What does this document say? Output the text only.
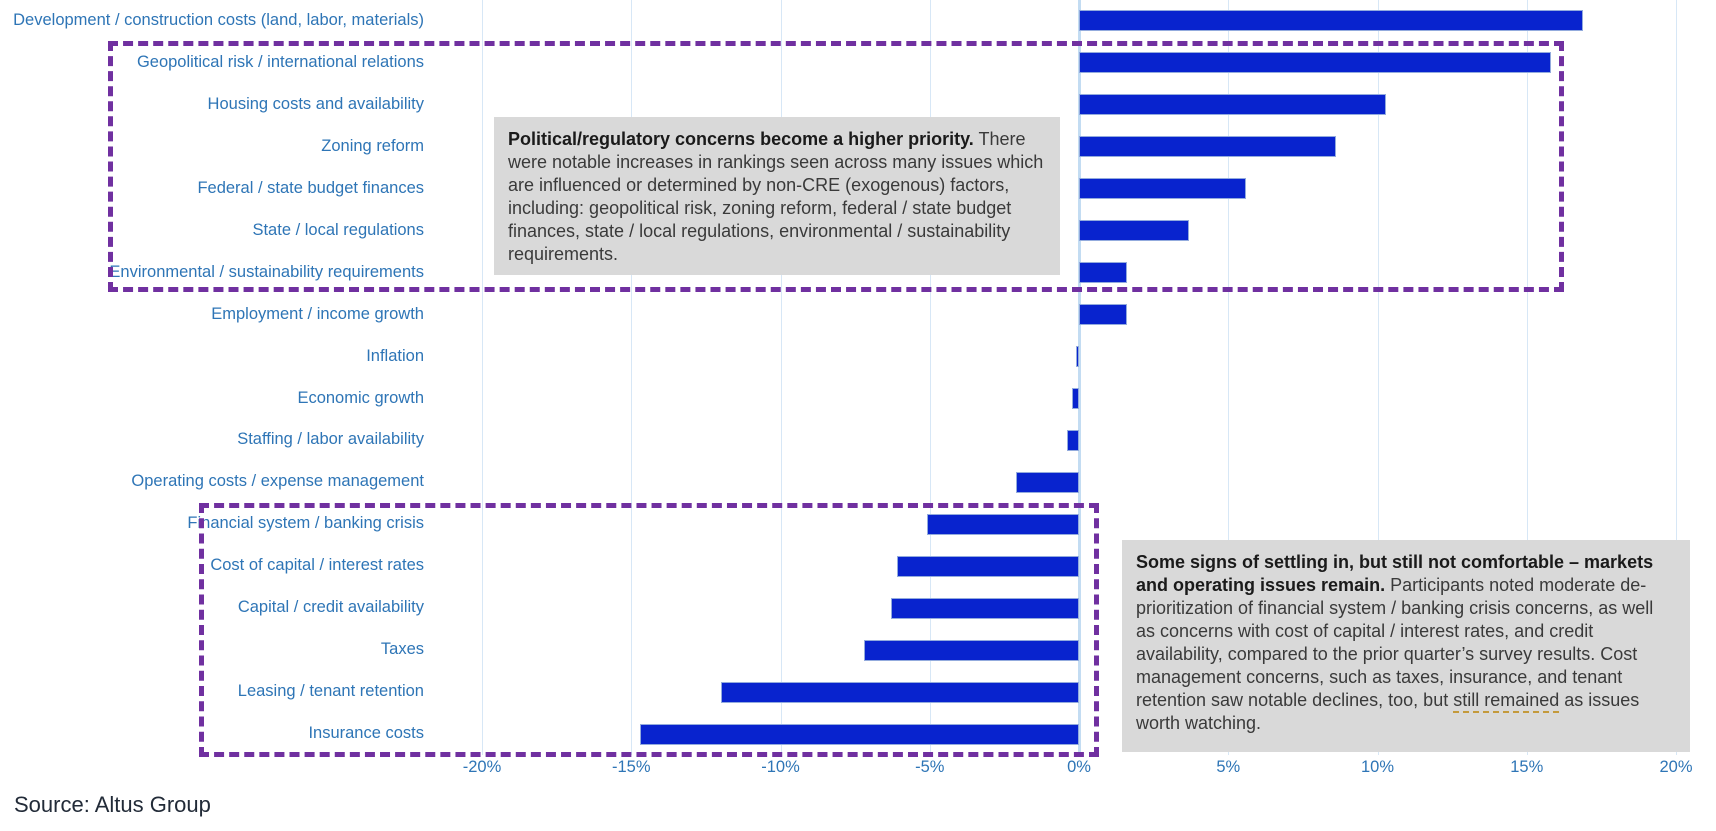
Development / construction costs (land, labor, materials)
Geopolitical risk / international relations
Housing costs and availability
Zoning reform
Federal / state budget finances
State / local regulations
Environmental / sustainability requirements
Employment / income growth
Inflation
Economic growth
Staffing / labor availability
Operating costs / expense management
Financial system / banking crisis
Cost of capital / interest rates
Capital / credit availability
Taxes
Leasing / tenant retention
Insurance costs
Political/regulatory concerns become a higher priority. There were notable increases in rankings seen across many issues which are influenced or determined by non-CRE (exogenous) factors, including: geopolitical risk, zoning reform, federal / state budget finances, state / local regulations, environmental / sustainability requirements.
Some signs of settling in, but still not comfortable – markets and operating issues remain. Participants noted moderate de-prioritization of financial system / banking crisis concerns, as well as concerns with cost of capital / interest rates, and credit availability, compared to the prior quarter’s survey results. Cost management concerns, such as taxes, insurance, and tenant retention saw notable declines, too, but still remained as issues worth watching.
Source: Altus Group
-20%	-15%	-10%	-5%	0%	5%	10%	15%	20%
